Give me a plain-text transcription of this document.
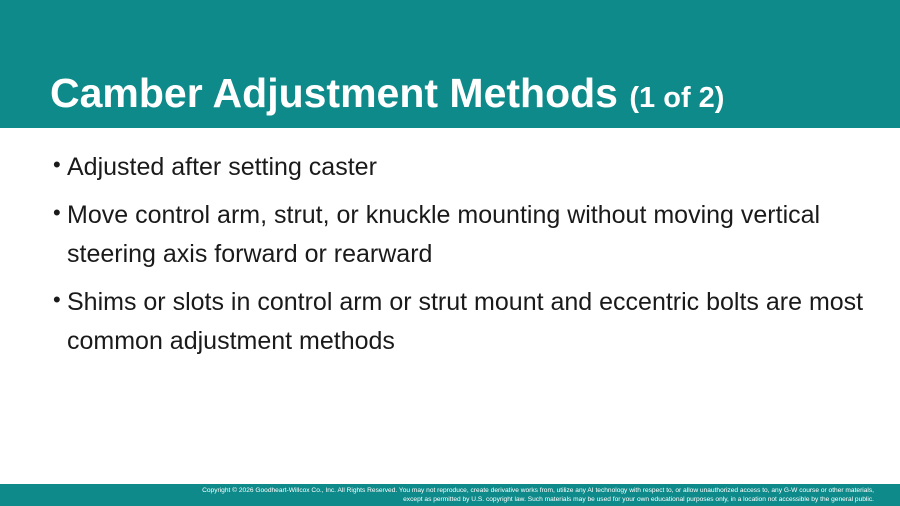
Camber Adjustment Methods (1 of 2)
• Adjusted after setting caster
• Move control arm, strut, or knuckle mounting without moving vertical steering axis forward or rearward
• Shims or slots in control arm or strut mount and eccentric bolts are most common adjustment methods
Copyright © 2026 Goodheart-Willcox Co., Inc. All Rights Reserved. You may not reproduce, create derivative works from, utilize any AI technology with respect to, or allow unauthorized access to, any G-W course or other materials,
except as permitted by U.S. copyright law. Such materials may be used for your own educational purposes only, in a location not accessible by the general public.
